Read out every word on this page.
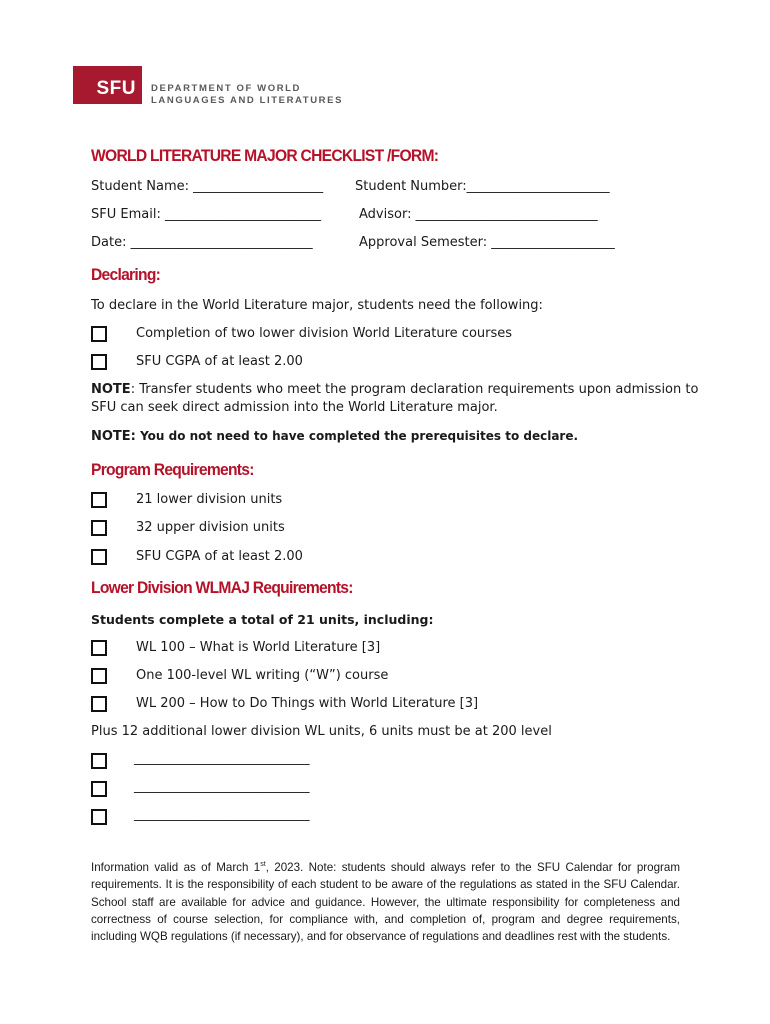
SFU DEPARTMENT OF WORLD
LANGUAGES AND LITERATURES
WORLD LITERATURE MAJOR CHECKLIST /FORM:
Student Name: ____________________ Student Number:______________________
SFU Email: ________________________	Advisor: ____________________________
Date: ____________________________	Approval Semester: ___________________
Declaring:
To declare in the World Literature major, students need the following:
Completion of two lower division World Literature courses
SFU CGPA of at least 2.00
NOTE: Transfer students who meet the program declaration requirements upon admission to
SFU can seek direct admission into the World Literature major.
NOTE: You do not need to have completed the prerequisites to declare.
Program Requirements:
21 lower division units
32 upper division units
SFU CGPA of at least 2.00
Lower Division WLMAJ Requirements:
Students complete a total of 21 units, including:
WL 100 – What is World Literature [3]
One 100-level WL writing (“W”) course
WL 200 – How to Do Things with World Literature [3]
Plus 12 additional lower division WL units, 6 units must be at 200 level
___________________________
___________________________
___________________________
Information valid as of March 1st, 2023. Note: students should always refer to the SFU Calendar for program requirements. It is the responsibility of each student to be aware of the regulations as stated in the SFU Calendar. School staff are available for advice and guidance. However, the ultimate responsibility for completeness and correctness of course selection, for compliance with, and completion of, program and degree requirements, including WQB regulations (if necessary), and for observance of regulations and deadlines rest with the students.
